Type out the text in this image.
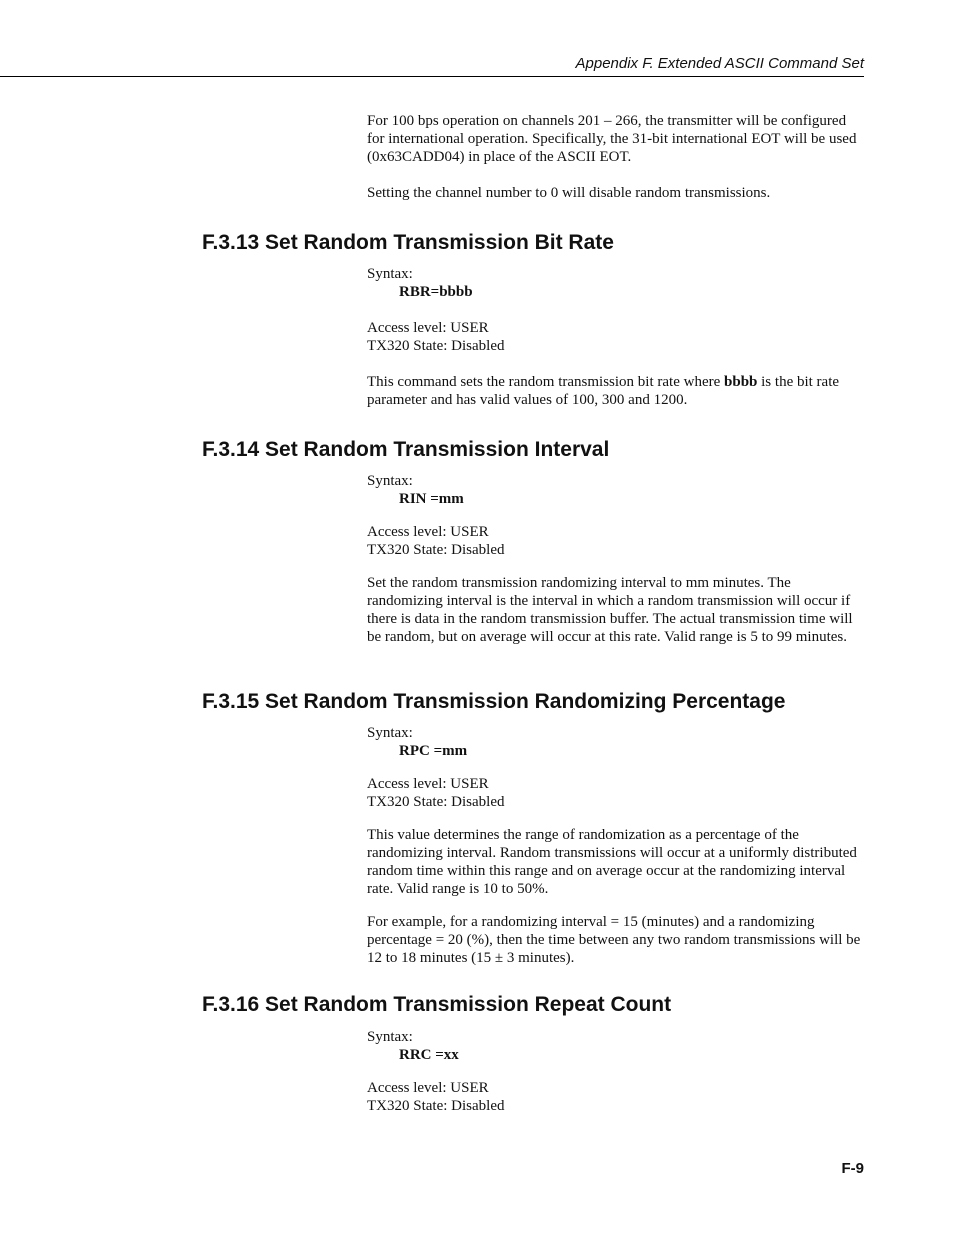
Appendix F. Extended ASCII Command Set

For 100 bps operation on channels 201 – 266, the transmitter will be configured for international operation. Specifically, the 31-bit international EOT will be used (0x63CADD04) in place of the ASCII EOT.

Setting the channel number to 0 will disable random transmissions.

F.3.13 Set Random Transmission Bit Rate

Syntax:

RBR=bbbb

Access level: USER

TX320 State: Disabled

This command sets the random transmission bit rate where bbbb is the bit rate parameter and has valid values of 100, 300 and 1200.

F.3.14 Set Random Transmission Interval

Syntax:

RIN =mm

Access level: USER

TX320 State: Disabled

Set the random transmission randomizing interval to mm minutes. The randomizing interval is the interval in which a random transmission will occur if there is data in the random transmission buffer. The actual transmission time will be random, but on average will occur at this rate. Valid range is 5 to 99 minutes.

F.3.15 Set Random Transmission Randomizing Percentage

Syntax:

RPC =mm

Access level: USER

TX320 State: Disabled

This value determines the range of randomization as a percentage of the randomizing interval. Random transmissions will occur at a uniformly distributed random time within this range and on average occur at the randomizing interval rate. Valid range is 10 to 50%.

For example, for a randomizing interval = 15 (minutes) and a randomizing percentage = 20 (%), then the time between any two random transmissions will be 12 to 18 minutes (15 ± 3 minutes).

F.3.16 Set Random Transmission Repeat Count

Syntax:

RRC =xx

Access level: USER

TX320 State: Disabled

F-9
